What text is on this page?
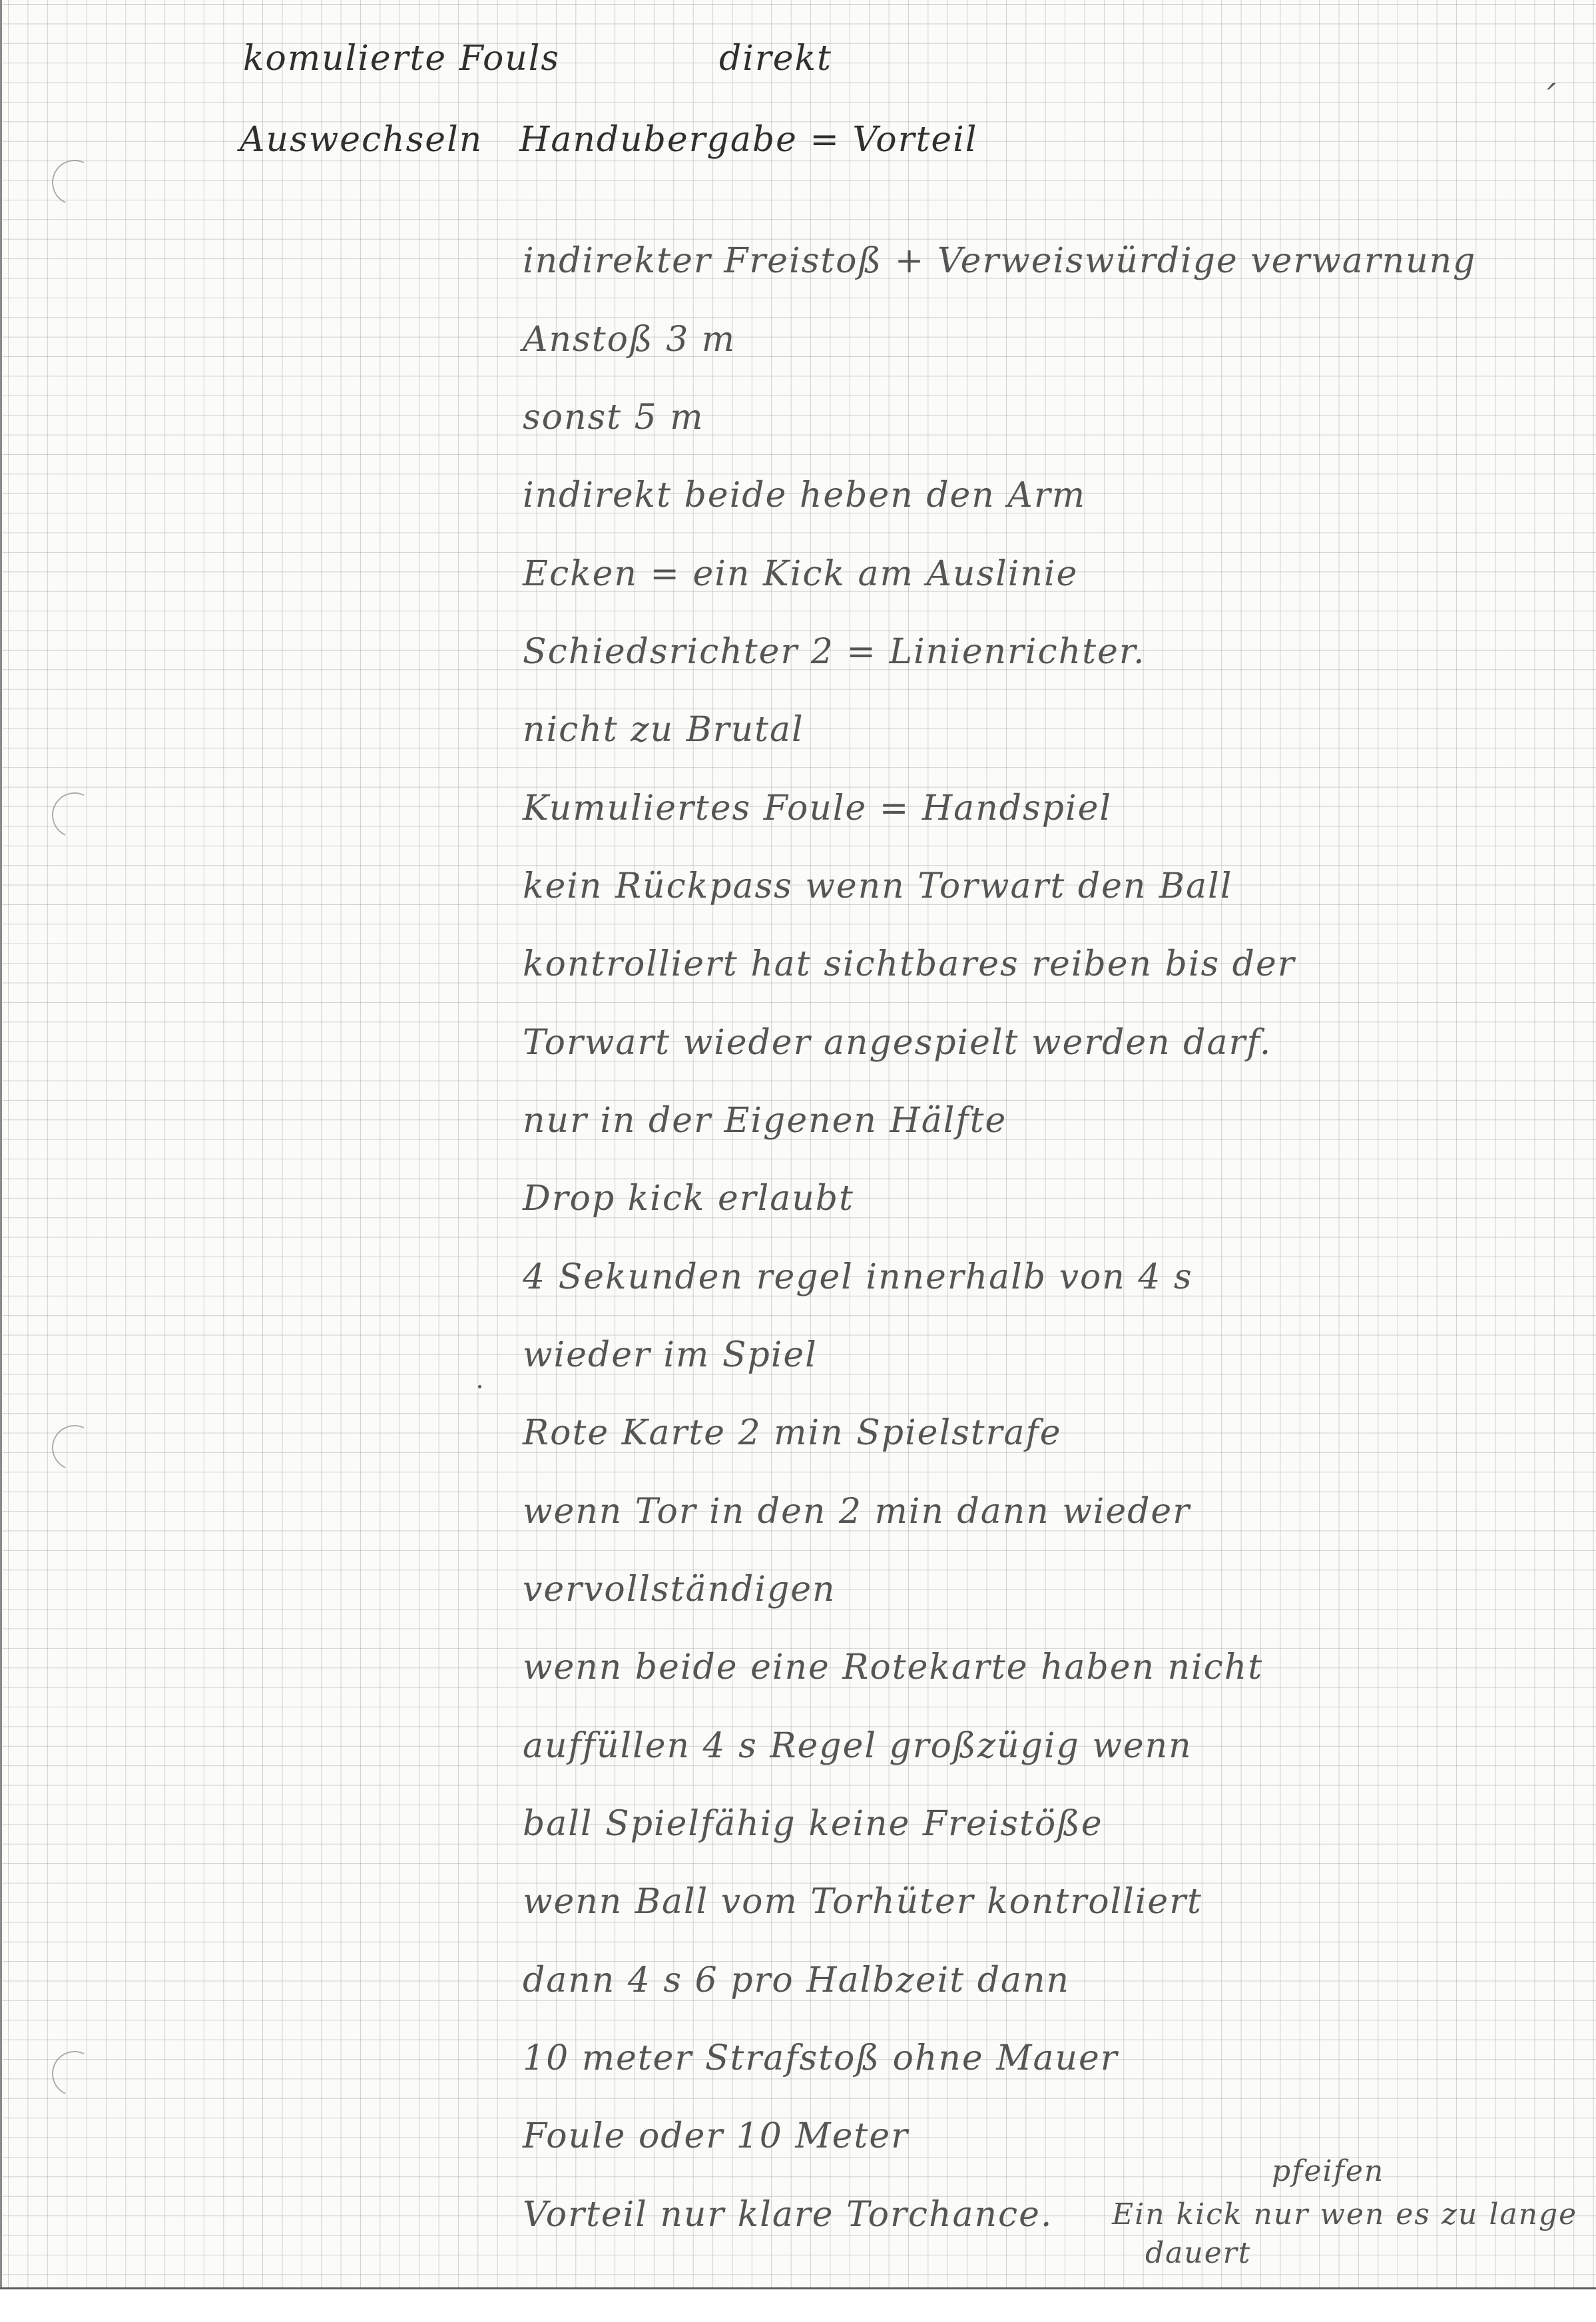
komulierte Fouls	direkt
Auswechseln Handubergabe = Vorteil
´
indirekter Freistoß + Verweiswürdige verwarnung
Anstoß 3 m
sonst 5 m
indirekt beide heben den Arm
Ecken = ein Kick am Auslinie
Schiedsrichter 2 = Linienrichter.
nicht zu Brutal
Kumuliertes Foule = Handspiel
kein Rückpass wenn Torwart den Ball
kontrolliert hat sichtbares reiben bis der
Torwart wieder angespielt werden darf.
nur in der Eigenen Hälfte
Drop kick erlaubt
4 Sekunden regel innerhalb von 4 s
wieder im Spiel
Rote Karte 2 min Spielstrafe
wenn Tor in den 2 min dann wieder
vervollständigen
wenn beide eine Rotekarte haben nicht
auffüllen 4 s Regel großzügig wenn
ball Spielfähig keine Freistöße
wenn Ball vom Torhüter kontrolliert
dann 4 s 6 pro Halbzeit dann
10 meter Strafstoß ohne Mauer
Foule oder 10 Meter
Vorteil nur klare Torchance.
pfeifen
Ein kick nur wen es zu lange
dauert
